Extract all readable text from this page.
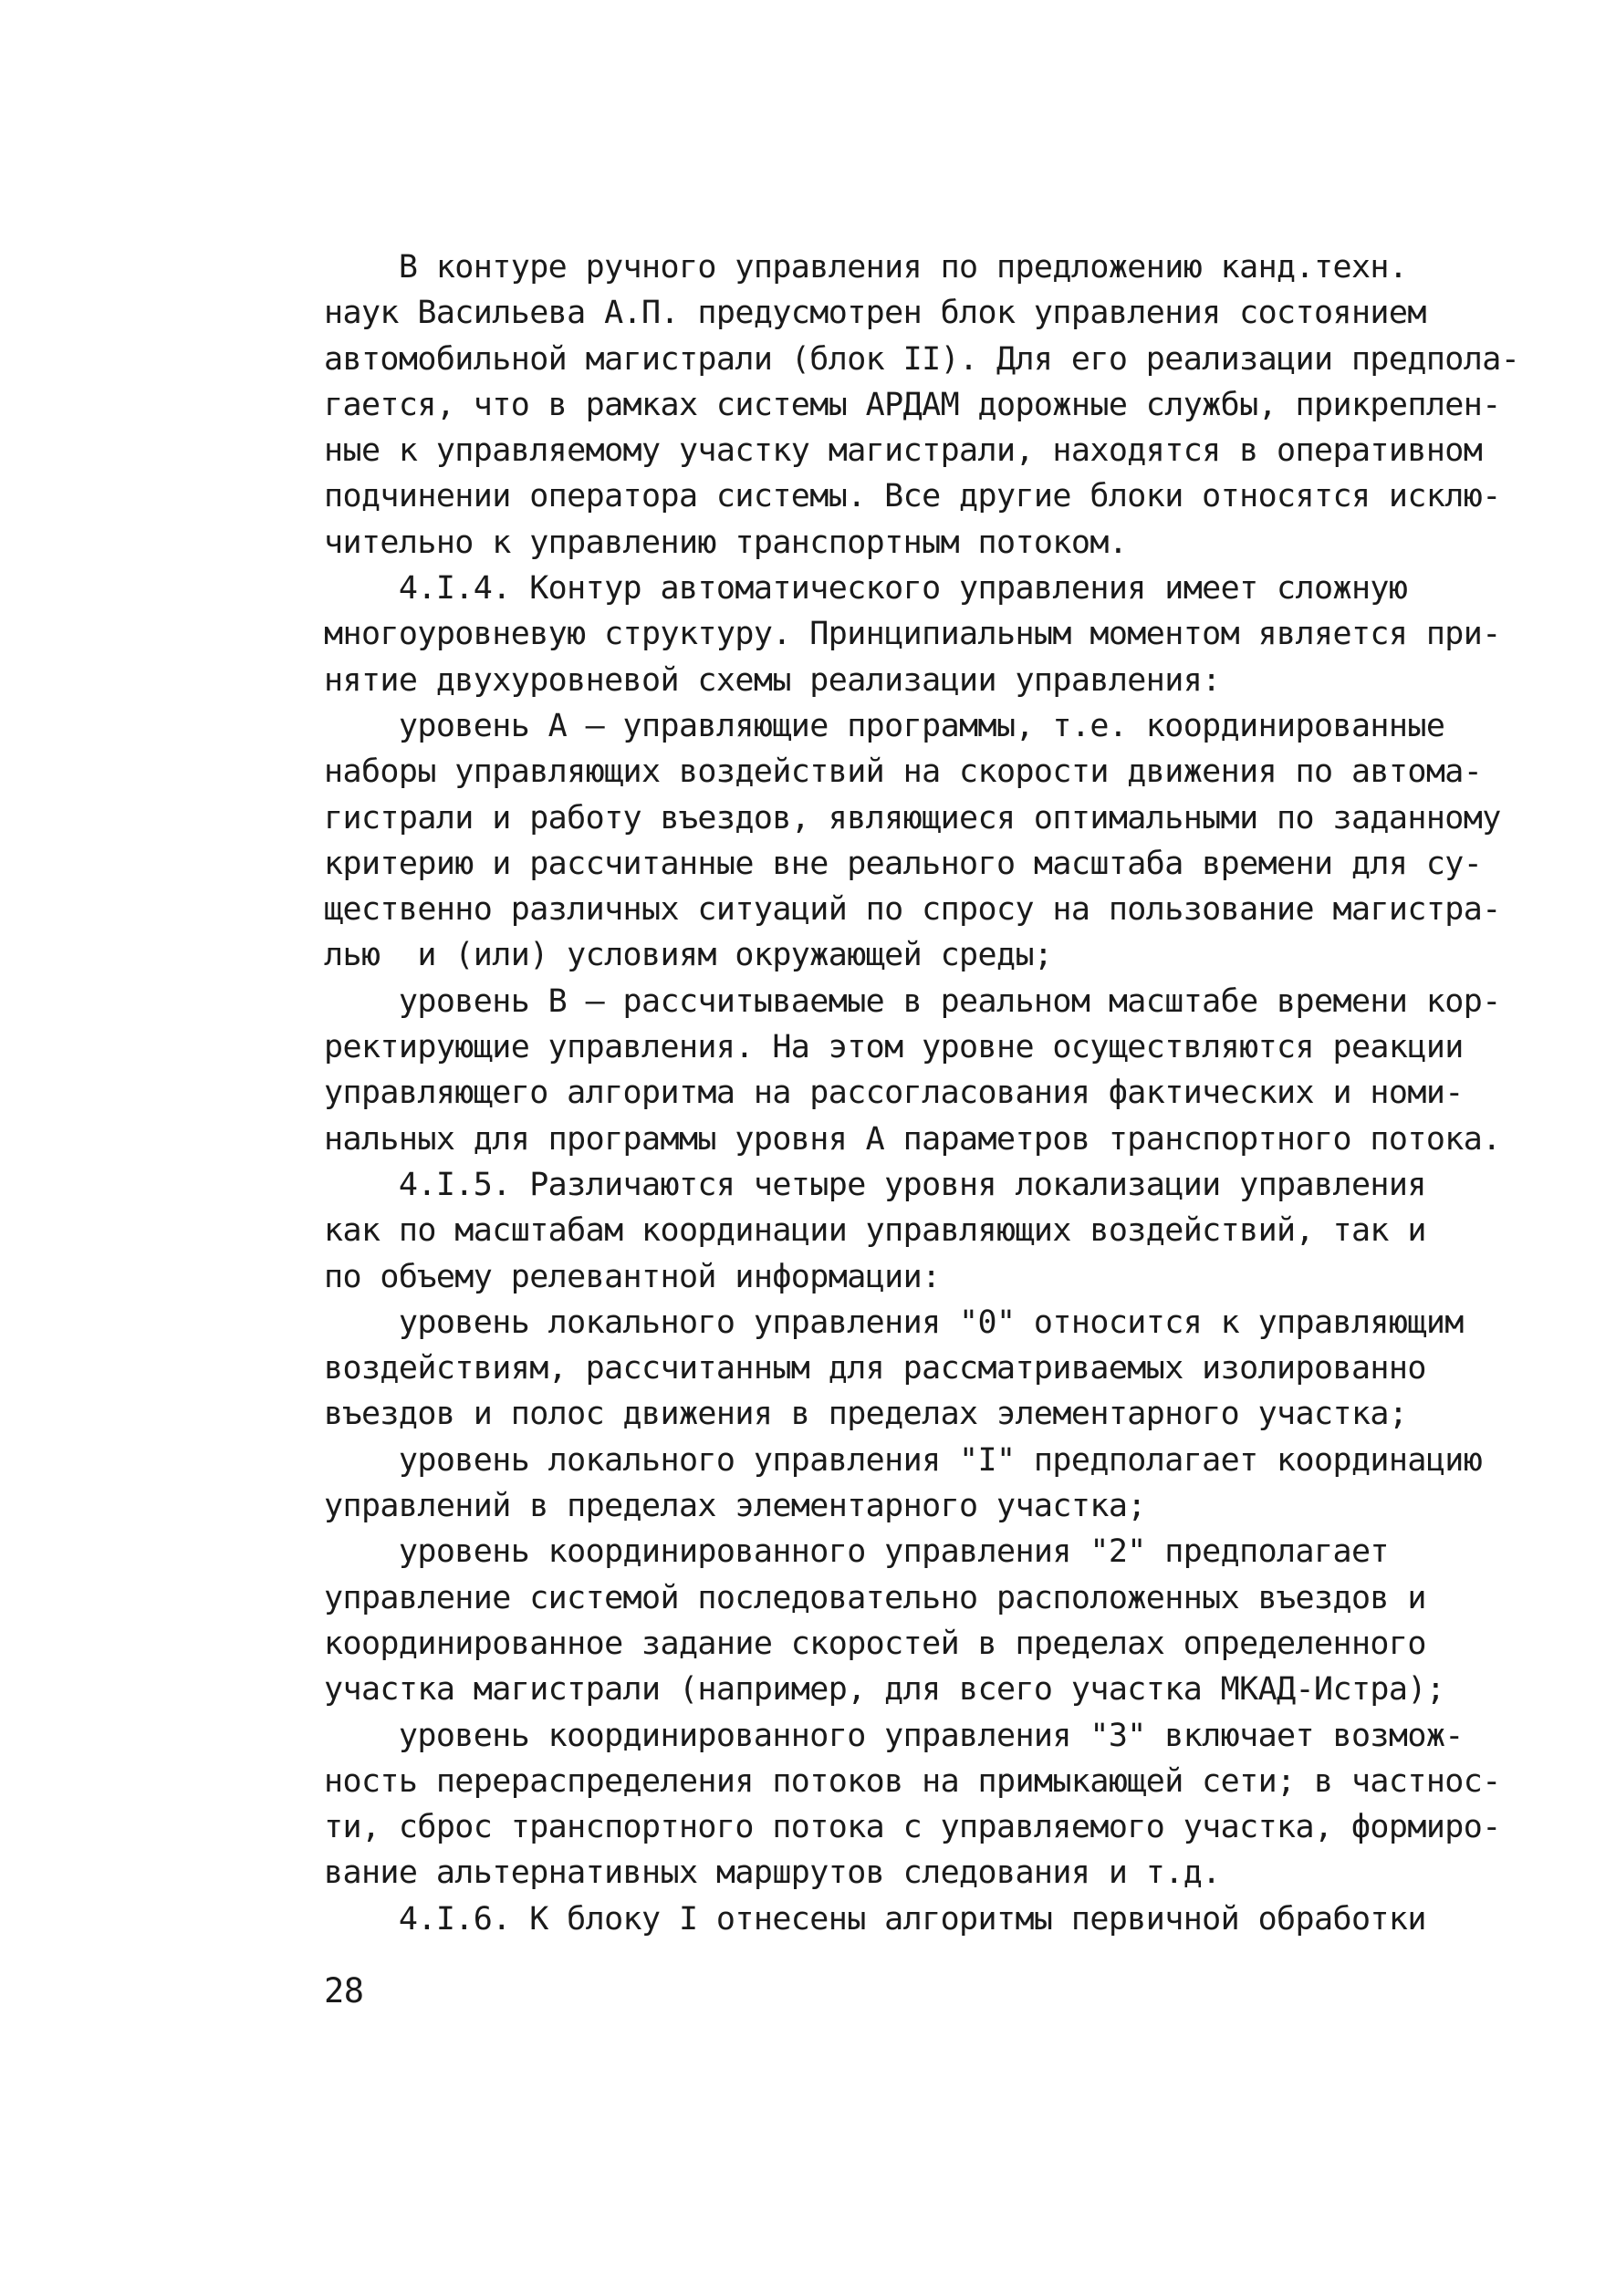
В контуре ручного управления по предложению канд.техн.
наук Васильева А.П. предусмотрен блок управления состоянием
автомобильной магистрали (блок II). Для его реализации предпола-
гается, что в рамках системы АРДАМ дорожные службы, прикреплен-
ные к управляемому участку магистрали, находятся в оперативном
подчинении оператора системы. Все другие блоки относятся исклю-
чительно к управлению транспортным потоком.
4.I.4. Контур автоматического управления имеет сложную
многоуровневую структуру. Принципиальным моментом является при-
нятие двухуровневой схемы реализации управления:
уровень А – управляющие программы, т.е. координированные
наборы управляющих воздействий на скорости движения по автома-
гистрали и работу въездов, являющиеся оптимальными по заданному
критерию и рассчитанные вне реального масштаба времени для су-
щественно различных ситуаций по спросу на пользование магистра-
лью  и (или) условиям окружающей среды;
уровень В – рассчитываемые в реальном масштабе времени кор-
ректирующие управления. На этом уровне осуществляются реакции
управляющего алгоритма на рассогласования фактических и номи-
нальных для программы уровня А параметров транспортного потока.
4.I.5. Различаются четыре уровня локализации управления
как по масштабам координации управляющих воздействий, так и
по объему релевантной информации:
уровень локального управления "0" относится к управляющим
воздействиям, рассчитанным для рассматриваемых изолированно
въездов и полос движения в пределах элементарного участка;
уровень локального управления "I" предполагает координацию
управлений в пределах элементарного участка;
уровень координированного управления "2" предполагает
управление системой последовательно расположенных въездов и
координированное задание скоростей в пределах определенного
участка магистрали (например, для всего участка МКАД-Истра);
уровень координированного управления "3" включает возмож-
ность перераспределения потоков на примыкающей сети; в частнос-
ти, сброс транспортного потока с управляемого участка, формиро-
вание альтернативных маршрутов следования и т.д.
4.I.6. К блоку I отнесены алгоритмы первичной обработки
28
